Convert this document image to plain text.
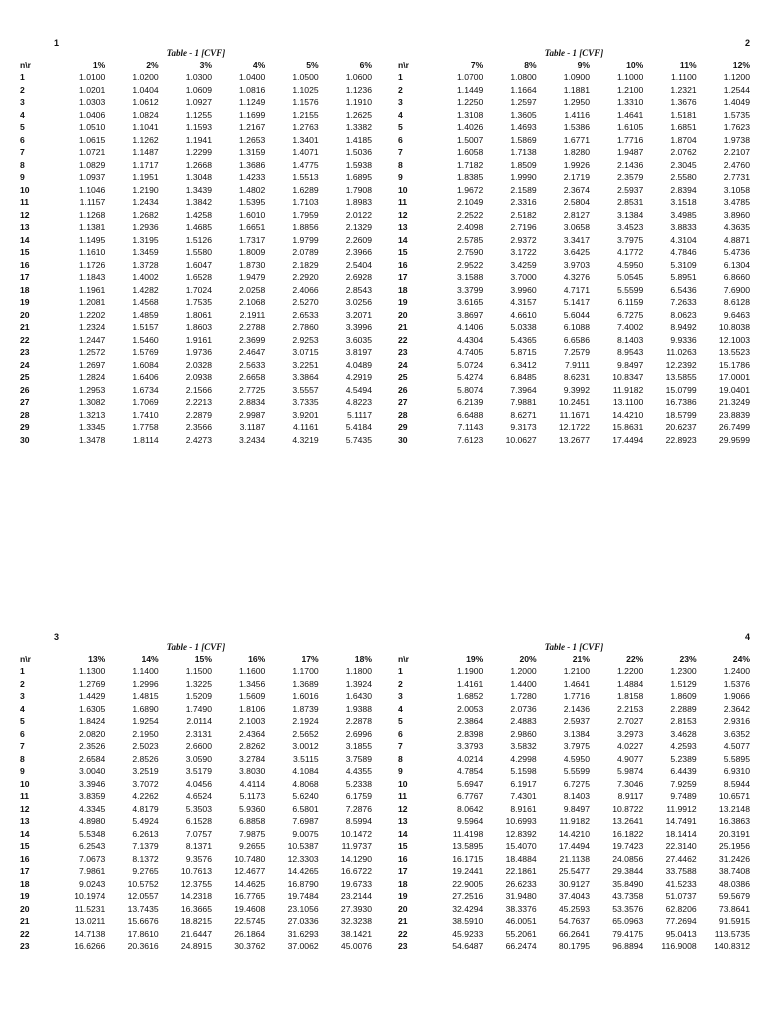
1
Table - 1 [CVF]
n\r	1%	2%	3%	4%	5%	6%
1	1.0100	1.0200	1.0300	1.0400	1.0500	1.0600
2	1.0201	1.0404	1.0609	1.0816	1.1025	1.1236
3	1.0303	1.0612	1.0927	1.1249	1.1576	1.1910
4	1.0406	1.0824	1.1255	1.1699	1.2155	1.2625
5	1.0510	1.1041	1.1593	1.2167	1.2763	1.3382
6	1.0615	1.1262	1.1941	1.2653	1.3401	1.4185
7	1.0721	1.1487	1.2299	1.3159	1.4071	1.5036
8	1.0829	1.1717	1.2668	1.3686	1.4775	1.5938
9	1.0937	1.1951	1.3048	1.4233	1.5513	1.6895
10	1.1046	1.2190	1.3439	1.4802	1.6289	1.7908
11	1.1157	1.2434	1.3842	1.5395	1.7103	1.8983
12	1.1268	1.2682	1.4258	1.6010	1.7959	2.0122
13	1.1381	1.2936	1.4685	1.6651	1.8856	2.1329
14	1.1495	1.3195	1.5126	1.7317	1.9799	2.2609
15	1.1610	1.3459	1.5580	1.8009	2.0789	2.3966
16	1.1726	1.3728	1.6047	1.8730	2.1829	2.5404
17	1.1843	1.4002	1.6528	1.9479	2.2920	2.6928
18	1.1961	1.4282	1.7024	2.0258	2.4066	2.8543
19	1.2081	1.4568	1.7535	2.1068	2.5270	3.0256
20	1.2202	1.4859	1.8061	2.1911	2.6533	3.2071
21	1.2324	1.5157	1.8603	2.2788	2.7860	3.3996
22	1.2447	1.5460	1.9161	2.3699	2.9253	3.6035
23	1.2572	1.5769	1.9736	2.4647	3.0715	3.8197
24	1.2697	1.6084	2.0328	2.5633	3.2251	4.0489
25	1.2824	1.6406	2.0938	2.6658	3.3864	4.2919
26	1.2953	1.6734	2.1566	2.7725	3.5557	4.5494
27	1.3082	1.7069	2.2213	2.8834	3.7335	4.8223
28	1.3213	1.7410	2.2879	2.9987	3.9201	5.1117
29	1.3345	1.7758	2.3566	3.1187	4.1161	5.4184
30	1.3478	1.8114	2.4273	3.2434	4.3219	5.7435
2
Table - 1 [CVF]
n\r	7%	8%	9%	10%	11%	12%
1	1.0700	1.0800	1.0900	1.1000	1.1100	1.1200
2	1.1449	1.1664	1.1881	1.2100	1.2321	1.2544
3	1.2250	1.2597	1.2950	1.3310	1.3676	1.4049
4	1.3108	1.3605	1.4116	1.4641	1.5181	1.5735
5	1.4026	1.4693	1.5386	1.6105	1.6851	1.7623
6	1.5007	1.5869	1.6771	1.7716	1.8704	1.9738
7	1.6058	1.7138	1.8280	1.9487	2.0762	2.2107
8	1.7182	1.8509	1.9926	2.1436	2.3045	2.4760
9	1.8385	1.9990	2.1719	2.3579	2.5580	2.7731
10	1.9672	2.1589	2.3674	2.5937	2.8394	3.1058
11	2.1049	2.3316	2.5804	2.8531	3.1518	3.4785
12	2.2522	2.5182	2.8127	3.1384	3.4985	3.8960
13	2.4098	2.7196	3.0658	3.4523	3.8833	4.3635
14	2.5785	2.9372	3.3417	3.7975	4.3104	4.8871
15	2.7590	3.1722	3.6425	4.1772	4.7846	5.4736
16	2.9522	3.4259	3.9703	4.5950	5.3109	6.1304
17	3.1588	3.7000	4.3276	5.0545	5.8951	6.8660
18	3.3799	3.9960	4.7171	5.5599	6.5436	7.6900
19	3.6165	4.3157	5.1417	6.1159	7.2633	8.6128
20	3.8697	4.6610	5.6044	6.7275	8.0623	9.6463
21	4.1406	5.0338	6.1088	7.4002	8.9492	10.8038
22	4.4304	5.4365	6.6586	8.1403	9.9336	12.1003
23	4.7405	5.8715	7.2579	8.9543	11.0263	13.5523
24	5.0724	6.3412	7.9111	9.8497	12.2392	15.1786
25	5.4274	6.8485	8.6231	10.8347	13.5855	17.0001
26	5.8074	7.3964	9.3992	11.9182	15.0799	19.0401
27	6.2139	7.9881	10.2451	13.1100	16.7386	21.3249
28	6.6488	8.6271	11.1671	14.4210	18.5799	23.8839
29	7.1143	9.3173	12.1722	15.8631	20.6237	26.7499
30	7.6123	10.0627	13.2677	17.4494	22.8923	29.9599
3
Table - 1 [CVF]
n\r	13%	14%	15%	16%	17%	18%
1	1.1300	1.1400	1.1500	1.1600	1.1700	1.1800
2	1.2769	1.2996	1.3225	1.3456	1.3689	1.3924
3	1.4429	1.4815	1.5209	1.5609	1.6016	1.6430
4	1.6305	1.6890	1.7490	1.8106	1.8739	1.9388
5	1.8424	1.9254	2.0114	2.1003	2.1924	2.2878
6	2.0820	2.1950	2.3131	2.4364	2.5652	2.6996
7	2.3526	2.5023	2.6600	2.8262	3.0012	3.1855
8	2.6584	2.8526	3.0590	3.2784	3.5115	3.7589
9	3.0040	3.2519	3.5179	3.8030	4.1084	4.4355
10	3.3946	3.7072	4.0456	4.4114	4.8068	5.2338
11	3.8359	4.2262	4.6524	5.1173	5.6240	6.1759
12	4.3345	4.8179	5.3503	5.9360	6.5801	7.2876
13	4.8980	5.4924	6.1528	6.8858	7.6987	8.5994
14	5.5348	6.2613	7.0757	7.9875	9.0075	10.1472
15	6.2543	7.1379	8.1371	9.2655	10.5387	11.9737
16	7.0673	8.1372	9.3576	10.7480	12.3303	14.1290
17	7.9861	9.2765	10.7613	12.4677	14.4265	16.6722
18	9.0243	10.5752	12.3755	14.4625	16.8790	19.6733
19	10.1974	12.0557	14.2318	16.7765	19.7484	23.2144
20	11.5231	13.7435	16.3665	19.4608	23.1056	27.3930
21	13.0211	15.6676	18.8215	22.5745	27.0336	32.3238
22	14.7138	17.8610	21.6447	26.1864	31.6293	38.1421
23	16.6266	20.3616	24.8915	30.3762	37.0062	45.0076
4
Table - 1 [CVF]
n\r	19%	20%	21%	22%	23%	24%
1	1.1900	1.2000	1.2100	1.2200	1.2300	1.2400
2	1.4161	1.4400	1.4641	1.4884	1.5129	1.5376
3	1.6852	1.7280	1.7716	1.8158	1.8609	1.9066
4	2.0053	2.0736	2.1436	2.2153	2.2889	2.3642
5	2.3864	2.4883	2.5937	2.7027	2.8153	2.9316
6	2.8398	2.9860	3.1384	3.2973	3.4628	3.6352
7	3.3793	3.5832	3.7975	4.0227	4.2593	4.5077
8	4.0214	4.2998	4.5950	4.9077	5.2389	5.5895
9	4.7854	5.1598	5.5599	5.9874	6.4439	6.9310
10	5.6947	6.1917	6.7275	7.3046	7.9259	8.5944
11	6.7767	7.4301	8.1403	8.9117	9.7489	10.6571
12	8.0642	8.9161	9.8497	10.8722	11.9912	13.2148
13	9.5964	10.6993	11.9182	13.2641	14.7491	16.3863
14	11.4198	12.8392	14.4210	16.1822	18.1414	20.3191
15	13.5895	15.4070	17.4494	19.7423	22.3140	25.1956
16	16.1715	18.4884	21.1138	24.0856	27.4462	31.2426
17	19.2441	22.1861	25.5477	29.3844	33.7588	38.7408
18	22.9005	26.6233	30.9127	35.8490	41.5233	48.0386
19	27.2516	31.9480	37.4043	43.7358	51.0737	59.5679
20	32.4294	38.3376	45.2593	53.3576	62.8206	73.8641
21	38.5910	46.0051	54.7637	65.0963	77.2694	91.5915
22	45.9233	55.2061	66.2641	79.4175	95.0413	113.5735
23	54.6487	66.2474	80.1795	96.8894	116.9008	140.8312
